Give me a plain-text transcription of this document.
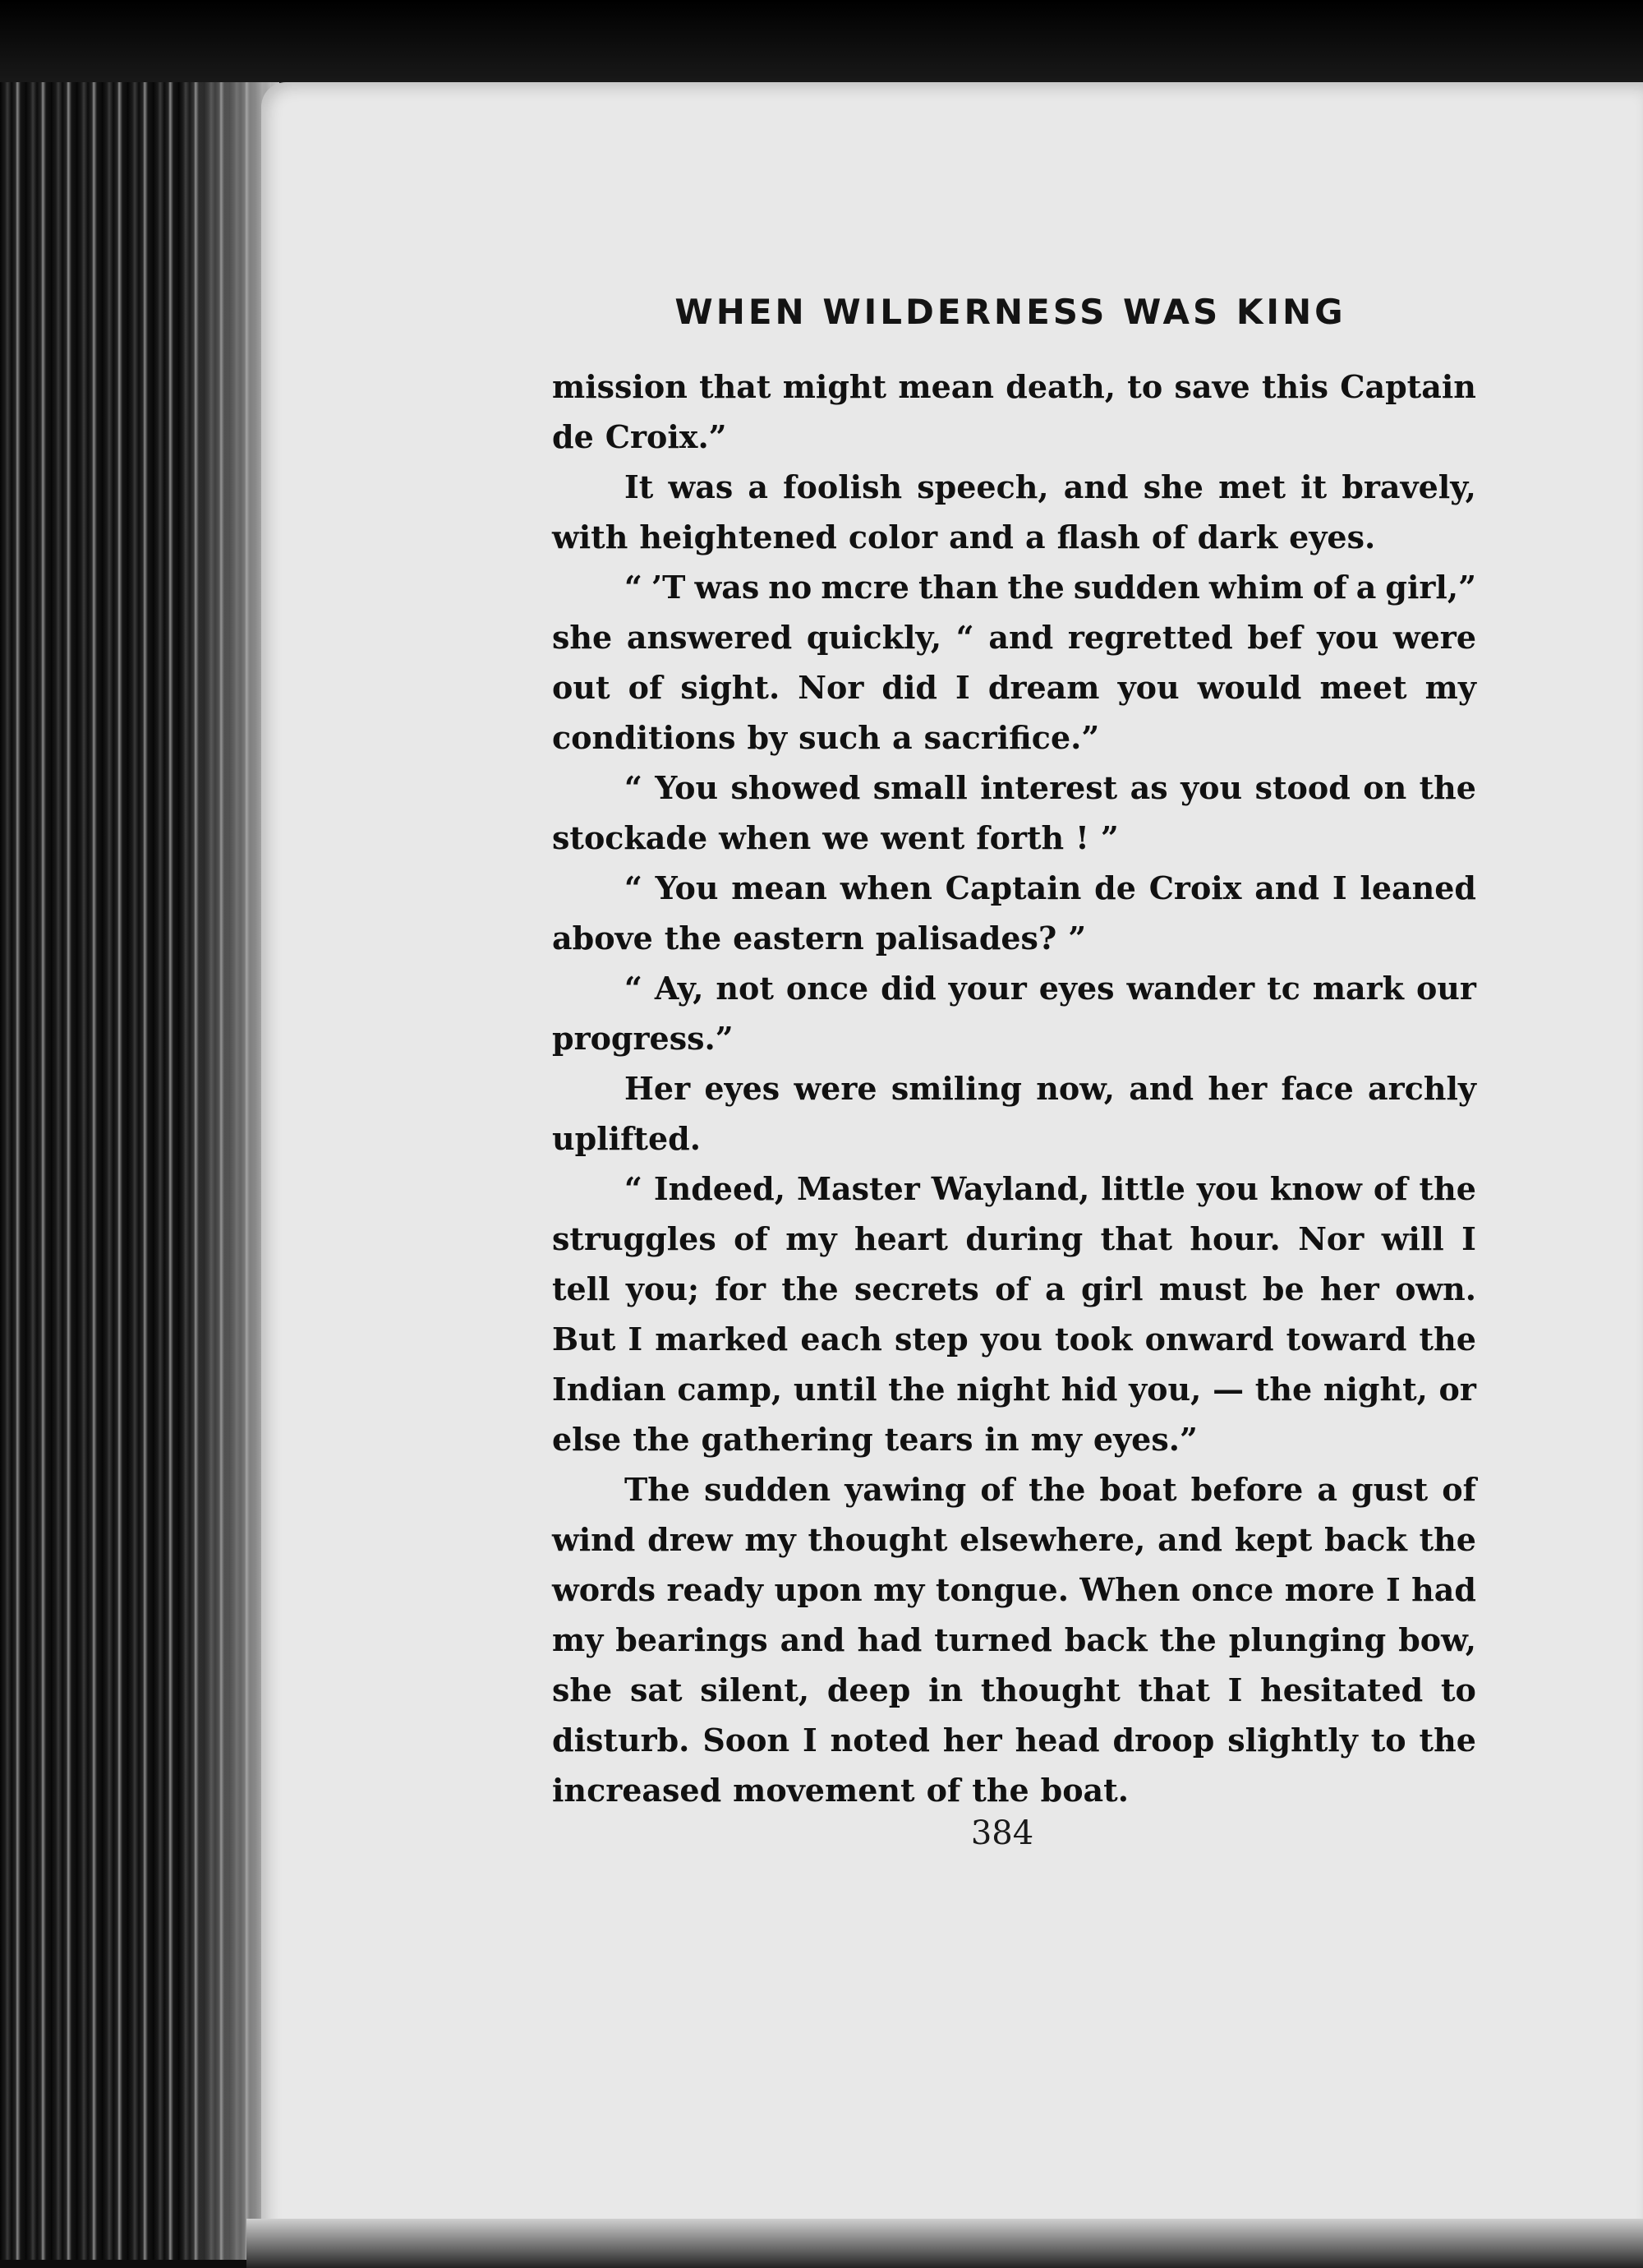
WHEN WILDERNESS WAS KING
mission that might mean death, to save this Captain
de Croix.”
It was a foolish speech, and she met it bravely,
with heightened color and a flash of dark eyes.
“ ’T was no mcre than the sudden whim of a girl,”
she answered quickly, “ and regretted bef you were
out of sight. Nor did I dream you would meet my
conditions by such a sacrifice.”
“ You showed small interest as you stood on the
stockade when we went forth ! ”
“ You mean when Captain de Croix and I leaned
above the eastern palisades? ”
“ Ay, not once did your eyes wander tc mark our
progress.”
Her eyes were smiling now, and her face archly
uplifted.
“ Indeed, Master Wayland, little you know of the
struggles of my heart during that hour. Nor will I
tell you; for the secrets of a girl must be her own.
But I marked each step you took onward toward the
Indian camp, until the night hid you, — the night, or
else the gathering tears in my eyes.”
The sudden yawing of the boat before a gust of
wind drew my thought elsewhere, and kept back the
words ready upon my tongue. When once more I had
my bearings and had turned back the plunging bow,
she sat silent, deep in thought that I hesitated to
disturb. Soon I noted her head droop slightly to the
increased movement of the boat.
384
